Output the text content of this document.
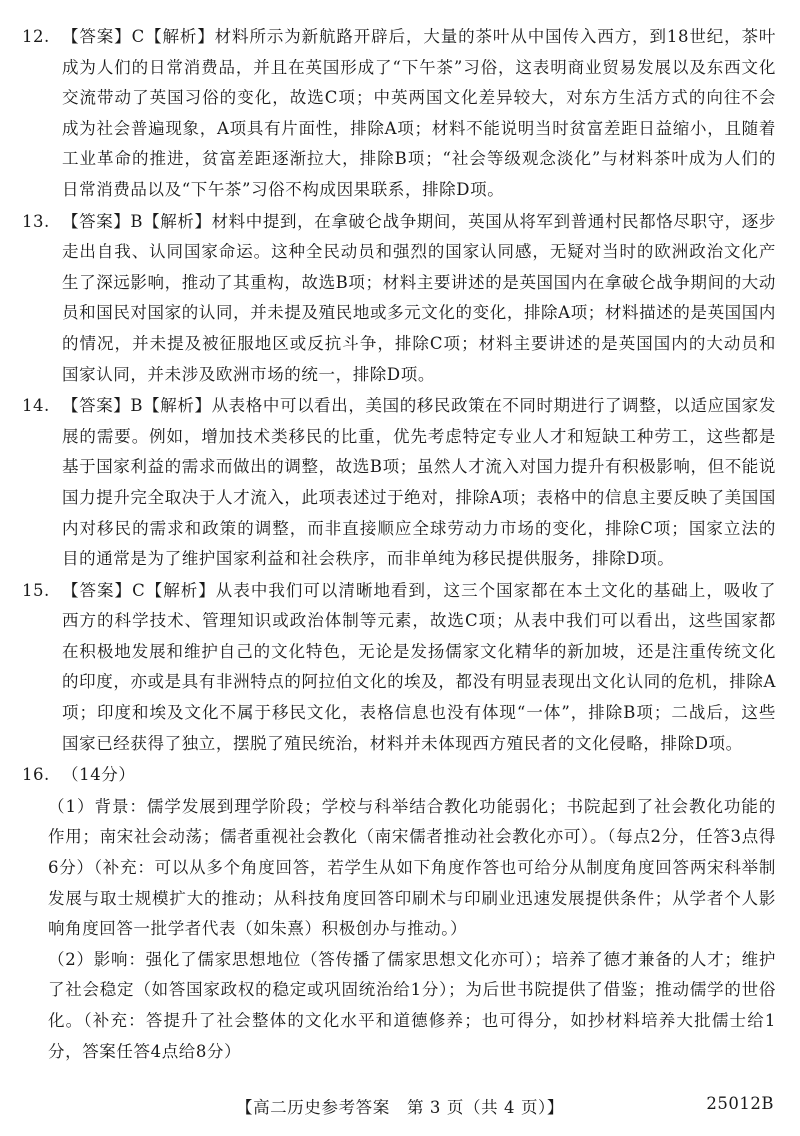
12. 【答案】C【解析】材料所示为新航路开辟后，大量的茶叶从中国传入西方，到18世纪，茶叶成为人们的日常消费品，并且在英国形成了“下午茶”习俗，这表明商业贸易发展以及东西文化交流带动了英国习俗的变化，故选C项；中英两国文化差异较大，对东方生活方式的向往不会成为社会普遍现象，A项具有片面性，排除A项；材料不能说明当时贫富差距日益缩小，且随着工业革命的推进，贫富差距逐渐拉大，排除B项；“社会等级观念淡化”与材料茶叶成为人们的日常消费品以及“下午茶”习俗不构成因果联系，排除D项。
13. 【答案】B【解析】材料中提到，在拿破仑战争期间，英国从将军到普通村民都恪尽职守，逐步走出自我、认同国家命运。这种全民动员和强烈的国家认同感，无疑对当时的欧洲政治文化产生了深远影响，推动了其重构，故选B项；材料主要讲述的是英国国内在拿破仑战争期间的大动员和国民对国家的认同，并未提及殖民地或多元文化的变化，排除A项；材料描述的是英国国内的情况，并未提及被征服地区或反抗斗争，排除C项；材料主要讲述的是英国国内的大动员和国家认同，并未涉及欧洲市场的统一，排除D项。
14. 【答案】B【解析】从表格中可以看出，美国的移民政策在不同时期进行了调整，以适应国家发展的需要。例如，增加技术类移民的比重，优先考虑特定专业人才和短缺工种劳工，这些都是基于国家利益的需求而做出的调整，故选B项；虽然人才流入对国力提升有积极影响，但不能说国力提升完全取决于人才流入，此项表述过于绝对，排除A项；表格中的信息主要反映了美国国内对移民的需求和政策的调整，而非直接顺应全球劳动力市场的变化，排除C项；国家立法的目的通常是为了维护国家利益和社会秩序，而非单纯为移民提供服务，排除D项。
15. 【答案】C【解析】从表中我们可以清晰地看到，这三个国家都在本土文化的基础上，吸收了西方的科学技术、管理知识或政治体制等元素，故选C项；从表中我们可以看出，这些国家都在积极地发展和维护自己的文化特色，无论是发扬儒家文化精华的新加坡，还是注重传统文化的印度，亦或是具有非洲特点的阿拉伯文化的埃及，都没有明显表现出文化认同的危机，排除A项；印度和埃及文化不属于移民文化，表格信息也没有体现“一体”，排除B项；二战后，这些国家已经获得了独立，摆脱了殖民统治，材料并未体现西方殖民者的文化侵略，排除D项。
16. （14分）
（1）背景：儒学发展到理学阶段；学校与科举结合教化功能弱化；书院起到了社会教化功能的作用；南宋社会动荡；儒者重视社会教化（南宋儒者推动社会教化亦可）。（每点2分，任答3点得6分）（补充：可以从多个角度回答，若学生从如下角度作答也可给分从制度角度回答两宋科举制发展与取士规模扩大的推动；从科技角度回答印刷术与印刷业迅速发展提供条件；从学者个人影响角度回答一批学者代表（如朱熹）积极创办与推动。）
（2）影响：强化了儒家思想地位（答传播了儒家思想文化亦可）；培养了德才兼备的人才；维护了社会稳定（如答国家政权的稳定或巩固统治给1分）；为后世书院提供了借鉴；推动儒学的世俗化。（补充：答提升了社会整体的文化水平和道德修养；也可得分，如抄材料培养大批儒士给1分，答案任答4点给8分）
【高二历史参考答案　第 3 页（共 4 页）】	25012B
